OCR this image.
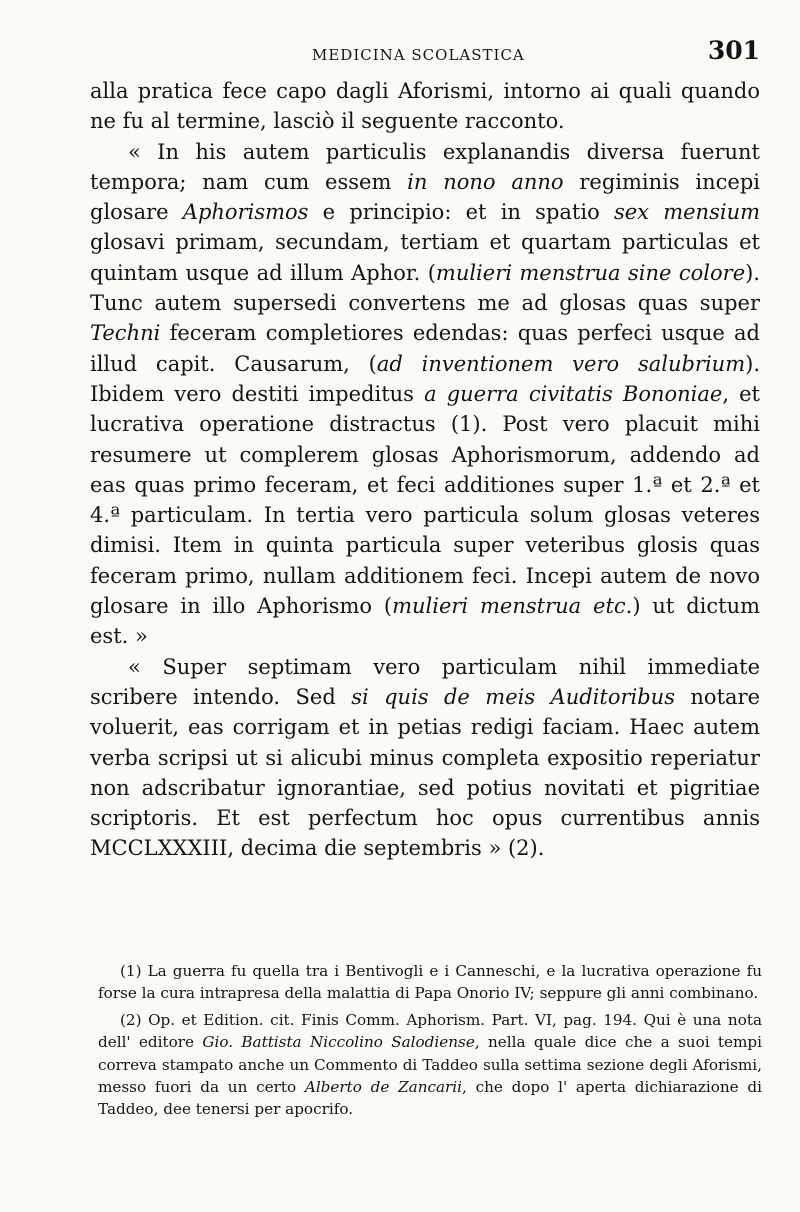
MEDICINA SCOLASTICA	301

alla pratica fece capo dagli Aforismi, intorno ai quali quando ne fu al termine, lasciò il seguente racconto.

« In his autem particulis explanandis diversa fuerunt tempora; nam cum essem in nono anno regiminis incepi glosare Aphorismos e principio: et in spatio sex mensium glosavi primam, secundam, tertiam et quartam particulas et quintam usque ad illum Aphor. (mulieri menstrua sine colore). Tunc autem supersedi convertens me ad glosas quas super Techni feceram completiores edendas: quas perfeci usque ad illud capit. Causarum, (ad inventionem vero salubrium). Ibidem vero destiti impeditus a guerra civitatis Bononiae, et lucrativa operatione distractus (1). Post vero placuit mihi resumere ut complerem glosas Aphorismorum, addendo ad eas quas primo feceram, et feci additiones super 1.ª et 2.ª et 4.ª particulam. In tertia vero particula solum glosas veteres dimisi. Item in quinta particula super veteribus glosis quas feceram primo, nullam additionem feci. Incepi autem de novo glosare in illo Aphorismo (mulieri menstrua etc.) ut dictum est. »

« Super septimam vero particulam nihil immediate scribere intendo. Sed si quis de meis Auditoribus notare voluerit, eas corrigam et in petias redigi faciam. Haec autem verba scripsi ut si alicubi minus completa expositio reperiatur non adscribatur ignorantiae, sed potius novitati et pigritiae scriptoris. Et est perfectum hoc opus currentibus annis MCCLXXXIII, decima die septembris » (2).

(1) La guerra fu quella tra i Bentivogli e i Canneschi, e la lucrativa operazione fu forse la cura intrapresa della malattia di Papa Onorio IV; seppure gli anni combinano.

(2) Op. et Edition. cit. Finis Comm. Aphorism. Part. VI, pag. 194. Qui è una nota dell' editore Gio. Battista Niccolino Salodiense, nella quale dice che a suoi tempi correva stampato anche un Commento di Taddeo sulla settima sezione degli Aforismi, messo fuori da un certo Alberto de Zancarii, che dopo l' aperta dichiarazione di Taddeo, dee tenersi per apocrifo.
